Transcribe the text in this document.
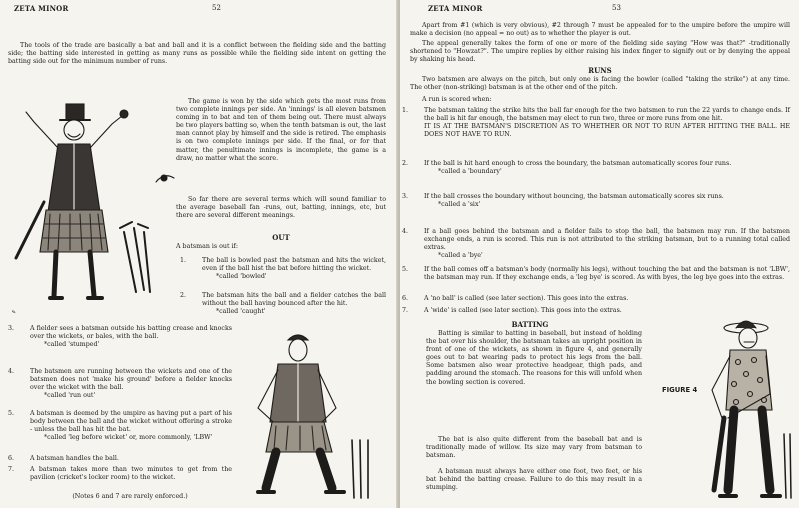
ZETA MINOR	52
The tools of the trade are basically a bat and ball and it is a conflict between the fielding side and the batting side; the batting side interested in getting as many runs as possible while the fielding side intent on getting the batting side out for the minimum number of runs.
✎
The game is won by the side which gets the most runs from two complete innings per side. An 'innings' is all eleven batsmen coming in to bat and ten of them being out. There must always be two players batting so, when the tenth batsman is out, the last man cannot play by himself and the side is retired. The emphasis is on two complete innings per side. If the final, or for that matter, the penultimate innings is incomplete, the game is a draw, no matter what the score.
So far there are several terms which will sound familiar to the average baseball fan -runs, out, batting, innings, etc, but there are several different meanings.
OUT
A batsman is out if:
1.	The ball is bowled past the batsman and hits the wicket, even if the ball hist the bat before hitting the wicket.
*called 'bowled'
2.	The batsman hits the ball and a fielder catches the ball without the ball having bounced after the hit.
*called 'caught'
3.	A fielder sees a batsman outside his batting crease and knocks over the wickets, or bales, with the ball.
*called 'stumped'
4.	The batsmen are running between the wickets and one of the batsmen does not 'make his ground' before a fielder knocks over the wicket with the ball.
*called 'run out'
5.	A batsman is deemed by the umpire as having put a part of his body between the ball and the wicket without offering a stroke - unless the ball has hit the bat.
*called 'leg before wicket' or, more commonly, 'LBW'
6.	A batsman handles the ball.
7.	A batsman takes more than two minutes to get from the pavilion (cricket's locker room) to the wicket.
(Notes 6 and 7 are rarely enforced.)
ZETA MINOR	53
Apart from #1 (which is very obvious), #2 through 7 must be appealed for to the umpire before the umpire will make a decision (no appeal = no out) as to whether the player is out.
The appeal generally takes the form of one or more of the fielding side saying "How was that?" -traditionally shortened to "Howzat?". The umpire replies by either raising his index finger to signify out or by denying the appeal by shaking his head.
RUNS
Two batsmen are always on the pitch, but only one is facing the bowler (called "taking the strike") at any time. The other (non-striking) batsman is at the other end of the pitch.
A run is scored when:
1.	The batsman taking the strike hits the ball far enough for the two batsmen to run the 22 yards to change ends. If the ball is hit far enough, the batsmen may elect to run two, three or more runs from one hit.
IT IS AT THE BATSMAN'S DISCRETION AS TO WHETHER OR NOT TO RUN AFTER HITTING THE BALL. HE DOES NOT HAVE TO RUN.
2.	If the ball is hit hard enough to cross the boundary, the batsman automatically scores four runs.
*called a 'boundary'
3.	If the ball crosses the boundary without bouncing, the batsman automatically scores six runs.
*called a 'six'
4.	If a ball goes behind the batsman and a fielder fails to stop the ball, the batsmen may run. If the batsmen exchange ends, a run is scored. This run is not attributed to the striking batsman, but to a running total called extras.
*called a 'bye'
5.	If the ball comes off a batsman's body (normally his legs), without touching the bat and the batsman is not 'LBW', the batsman may run. If they exchange ends, a 'leg bye' is scored. As with byes, the leg bye goes into the extras.
6.	A 'no ball' is called (see later section). This goes into the extras.
7.	A 'wide' is called (see later section). This goes into the extras.
BATTING
Batting is similar to batting in baseball, but instead of holding the bat over his shoulder, the batsman takes an upright position in front of one of the wickets, as shown in figure 4, and generally goes out to bat wearing pads to protect his legs from the ball. Some batsmen also wear protective headgear, thigh pads, and padding around the stomach. The reasons for this will unfold when the bowling section is covered.
The bat is also quite different from the baseball bat and is traditionally made of willow. Its size may vary from batsman to batsman.
A batsman must always have either one foot, two feet, or his bat behind the batting crease. Failure to do this may result in a stumping.
FIGURE 4
